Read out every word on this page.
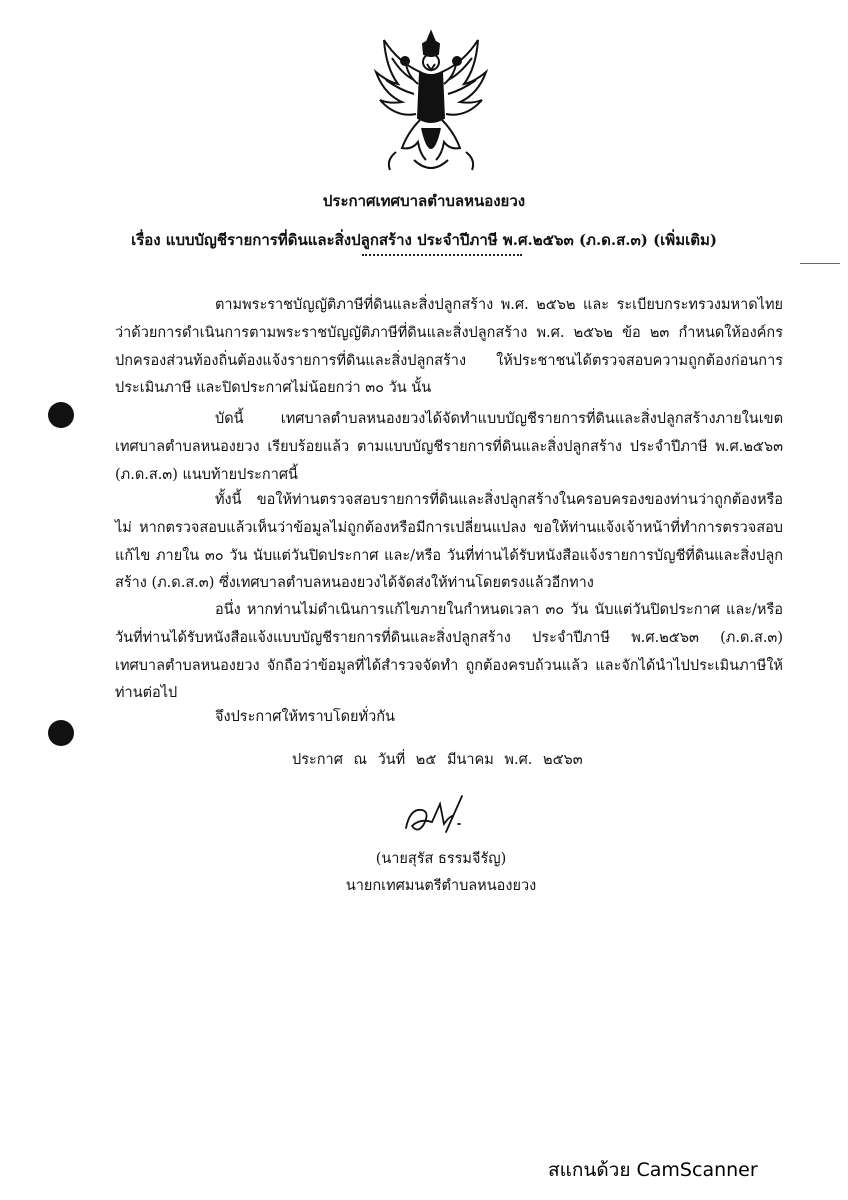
ประกาศเทศบาลตำบลหนองยวง
เรื่อง แบบบัญชีรายการที่ดินและสิ่งปลูกสร้าง ประจำปีภาษี พ.ศ.๒๕๖๓ (ภ.ด.ส.๓) (เพิ่มเติม)

ตามพระราชบัญญัติภาษีที่ดินและสิ่งปลูกสร้าง พ.ศ. ๒๕๖๒ และ ระเบียบกระทรวงมหาดไทยว่าด้วยการดำเนินการตามพระราชบัญญัติภาษีที่ดินและสิ่งปลูกสร้าง พ.ศ. ๒๕๖๒ ข้อ ๒๓ กำหนดให้องค์กรปกครองส่วนท้องถิ่นต้องแจ้งรายการที่ดินและสิ่งปลูกสร้าง ให้ประชาชนได้ตรวจสอบความถูกต้องก่อนการประเมินภาษี และปิดประกาศไม่น้อยกว่า ๓๐ วัน นั้น

บัดนี้ เทศบาลตำบลหนองยวงได้จัดทำแบบบัญชีรายการที่ดินและสิ่งปลูกสร้างภายในเขตเทศบาลตำบลหนองยวง เรียบร้อยแล้ว ตามแบบบัญชีรายการที่ดินและสิ่งปลูกสร้าง ประจำปีภาษี พ.ศ.๒๕๖๓ (ภ.ด.ส.๓) แนบท้ายประกาศนี้

ทั้งนี้ ขอให้ท่านตรวจสอบรายการที่ดินและสิ่งปลูกสร้างในครอบครองของท่านว่าถูกต้องหรือไม่ หากตรวจสอบแล้วเห็นว่าข้อมูลไม่ถูกต้องหรือมีการเปลี่ยนแปลง ขอให้ท่านแจ้งเจ้าหน้าที่ทำการตรวจสอบแก้ไข ภายใน ๓๐ วัน นับแต่วันปิดประกาศ และ/หรือ วันที่ท่านได้รับหนังสือแจ้งรายการบัญชีที่ดินและสิ่งปลูกสร้าง (ภ.ด.ส.๓) ซึ่งเทศบาลตำบลหนองยวงได้จัดส่งให้ท่านโดยตรงแล้วอีกทาง

อนึ่ง หากท่านไม่ดำเนินการแก้ไขภายในกำหนดเวลา ๓๐ วัน นับแต่วันปิดประกาศ และ/หรือ วันที่ท่านได้รับหนังสือแจ้งแบบบัญชีรายการที่ดินและสิ่งปลูกสร้าง ประจำปีภาษี พ.ศ.๒๕๖๓ (ภ.ด.ส.๓) เทศบาลตำบลหนองยวง จักถือว่าข้อมูลที่ได้สำรวจจัดทำ ถูกต้องครบถ้วนแล้ว และจักได้นำไปประเมินภาษีให้ท่านต่อไป

จึงประกาศให้ทราบโดยทั่วกัน
ประกาศ ณ วันที่ ๒๕ มีนาคม พ.ศ. ๒๕๖๓
(นายสุรัส ธรรมจีรัญ)
นายกเทศมนตรีตำบลหนองยวง
สแกนด้วย CamScanner
